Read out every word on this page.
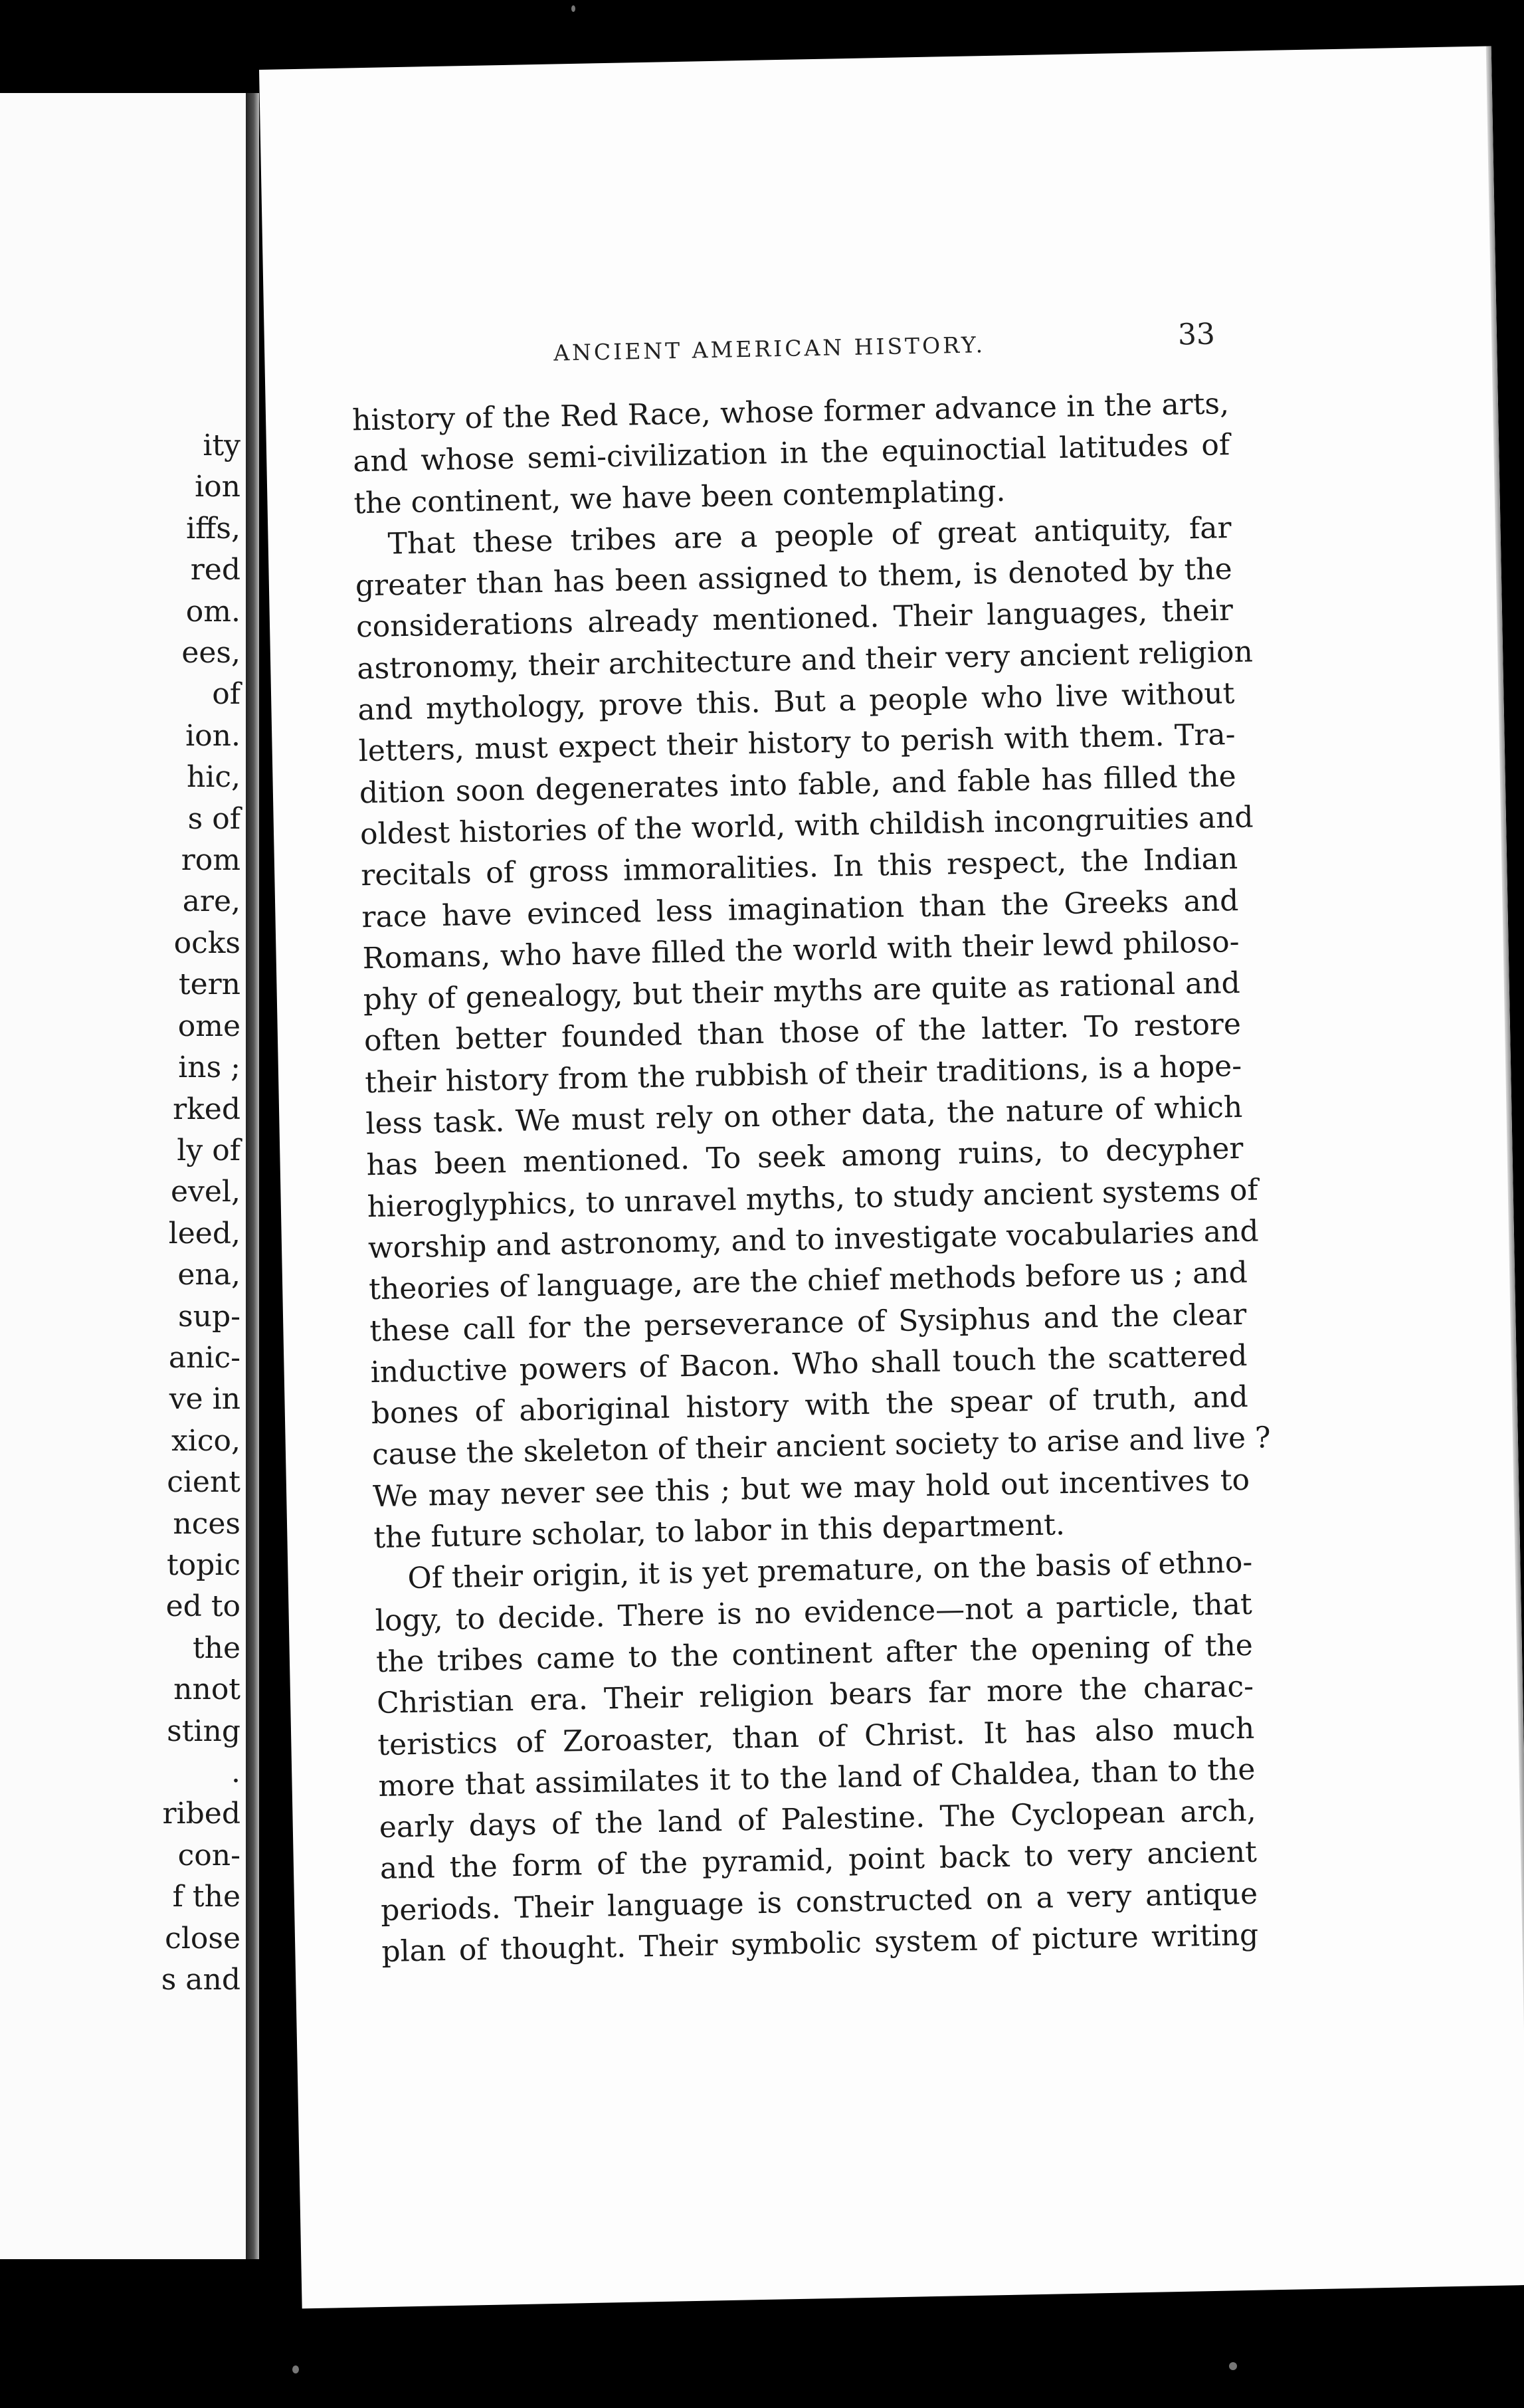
ity
ion
iffs,
red
om.
ees,
of
ion.
hic,
s of
rom
are,
ocks
tern
ome
ins ;
rked
ly of
evel,
leed,
ena,
sup-
anic-
ve in
xico,
cient
nces
topic
ed to
the
nnot
sting
.
ribed
con-
f the
close
s and
ANCIENT AMERICAN HISTORY.	33
history of the Red Race, whose former advance in the arts,
and whose semi-civilization in the equinoctial latitudes of
the continent, we have been contemplating.
That these tribes are a people of great antiquity, far
greater than has been assigned to them, is denoted by the
considerations already mentioned. Their languages, their
astronomy, their architecture and their very ancient religion
and mythology, prove this. But a people who live without
letters, must expect their history to perish with them. Tra-
dition soon degenerates into fable, and fable has filled the
oldest histories of the world, with childish incongruities and
recitals of gross immoralities. In this respect, the Indian
race have evinced less imagination than the Greeks and
Romans, who have filled the world with their lewd philoso-
phy of genealogy, but their myths are quite as rational and
often better founded than those of the latter. To restore
their history from the rubbish of their traditions, is a hope-
less task. We must rely on other data, the nature of which
has been mentioned. To seek among ruins, to decypher
hieroglyphics, to unravel myths, to study ancient systems of
worship and astronomy, and to investigate vocabularies and
theories of language, are the chief methods before us ; and
these call for the perseverance of Sysiphus and the clear
inductive powers of Bacon. Who shall touch the scattered
bones of aboriginal history with the spear of truth, and
cause the skeleton of their ancient society to arise and live ?
We may never see this ; but we may hold out incentives to
the future scholar, to labor in this department.
Of their origin, it is yet premature, on the basis of ethno-
logy, to decide. There is no evidence—not a particle, that
the tribes came to the continent after the opening of the
Christian era. Their religion bears far more the charac-
teristics of Zoroaster, than of Christ. It has also much
more that assimilates it to the land of Chaldea, than to the
early days of the land of Palestine. The Cyclopean arch,
and the form of the pyramid, point back to very ancient
periods. Their language is constructed on a very antique
plan of thought. Their symbolic system of picture writing
